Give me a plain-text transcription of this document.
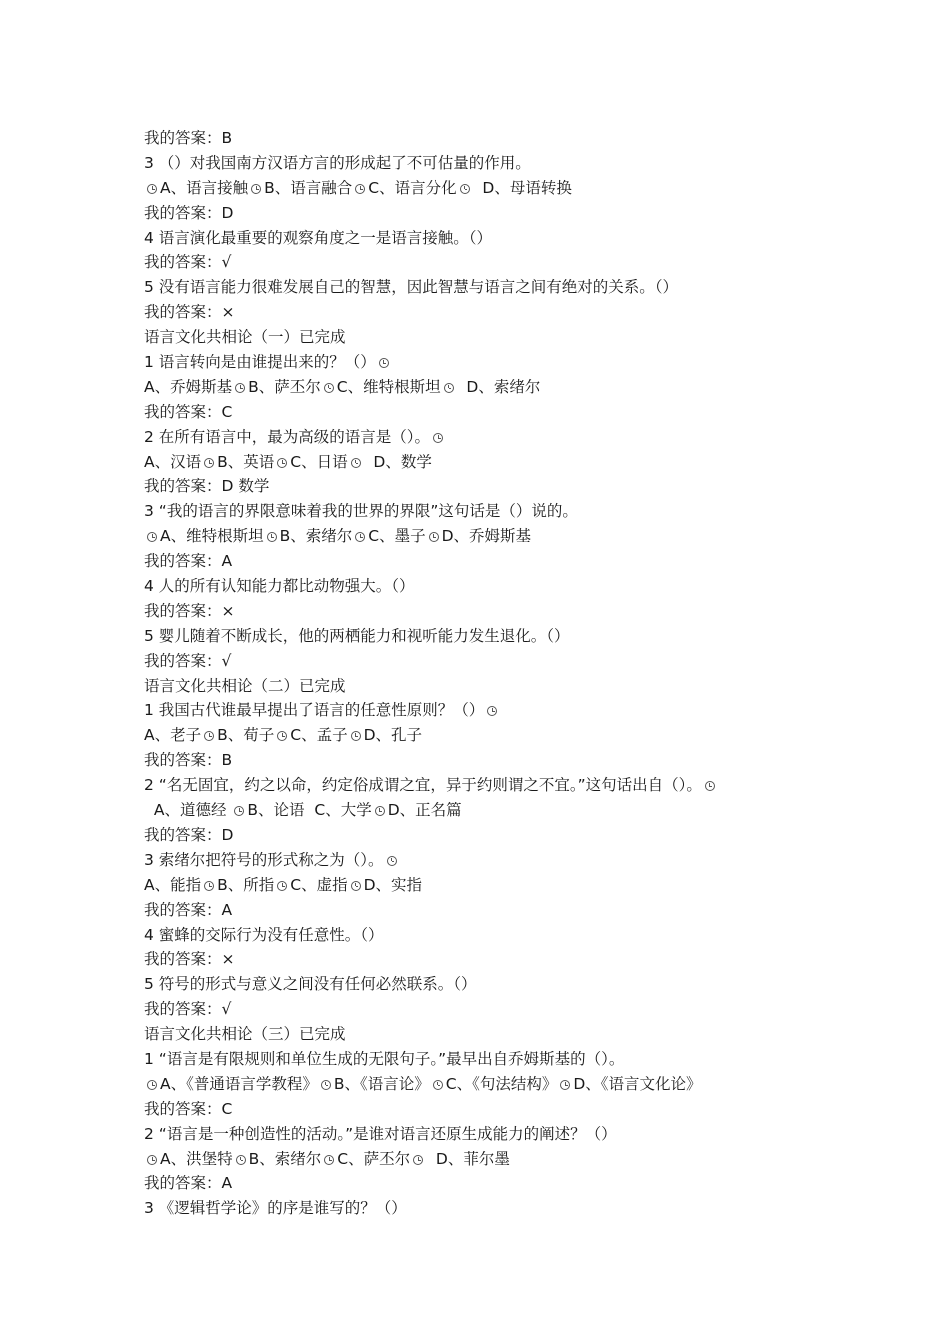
我的答案：B
3 （）对我国南方汉语方言的形成起了不可估量的作用。
A、语言接触 B、语言融合 C、语言分化  D、母语转换
我的答案：D
4 语言演化最重要的观察角度之一是语言接触。（）
我的答案：√
5 没有语言能力很难发展自己的智慧，因此智慧与语言之间有绝对的关系。（）
我的答案：×
语言文化共相论（一）已完成
1 语言转向是由谁提出来的？（）
A、乔姆斯基 B、萨丕尔 C、维特根斯坦  D、索绪尔
我的答案：C
2 在所有语言中，最为高级的语言是（）。
A、汉语 B、英语 C、日语  D、数学
我的答案：D 数学
3 “我的语言的界限意味着我的世界的界限”这句话是（）说的。
A、维特根斯坦 B、索绪尔 C、墨子 D、乔姆斯基
我的答案：A
4 人的所有认知能力都比动物强大。（）
我的答案：×
5 婴儿随着不断成长，他的两栖能力和视听能力发生退化。（）
我的答案：√
语言文化共相论（二）已完成
1 我国古代谁最早提出了语言的任意性原则？（）
A、老子 B、荀子 C、孟子 D、孔子
我的答案：B
2 “名无固宜，约之以命，约定俗成谓之宜，异于约则谓之不宜。”这句话出自（）。
A、道德经 B、论语  C、大学 D、正名篇
我的答案：D
3 索绪尔把符号的形式称之为（）。
A、能指 B、所指 C、虚指 D、实指
我的答案：A
4 蜜蜂的交际行为没有任意性。（）
我的答案：×
5 符号的形式与意义之间没有任何必然联系。（）
我的答案：√
语言文化共相论（三）已完成
1 “语言是有限规则和单位生成的无限句子。”最早出自乔姆斯基的（）。
A、《普通语言学教程》 B、《语言论》 C、《句法结构》 D、《语言文化论》
我的答案：C
2 “语言是一种创造性的活动。”是谁对语言还原生成能力的阐述？（）
A、洪堡特 B、索绪尔 C、萨丕尔  D、菲尔墨
我的答案：A
3 《逻辑哲学论》的序是谁写的？（）
